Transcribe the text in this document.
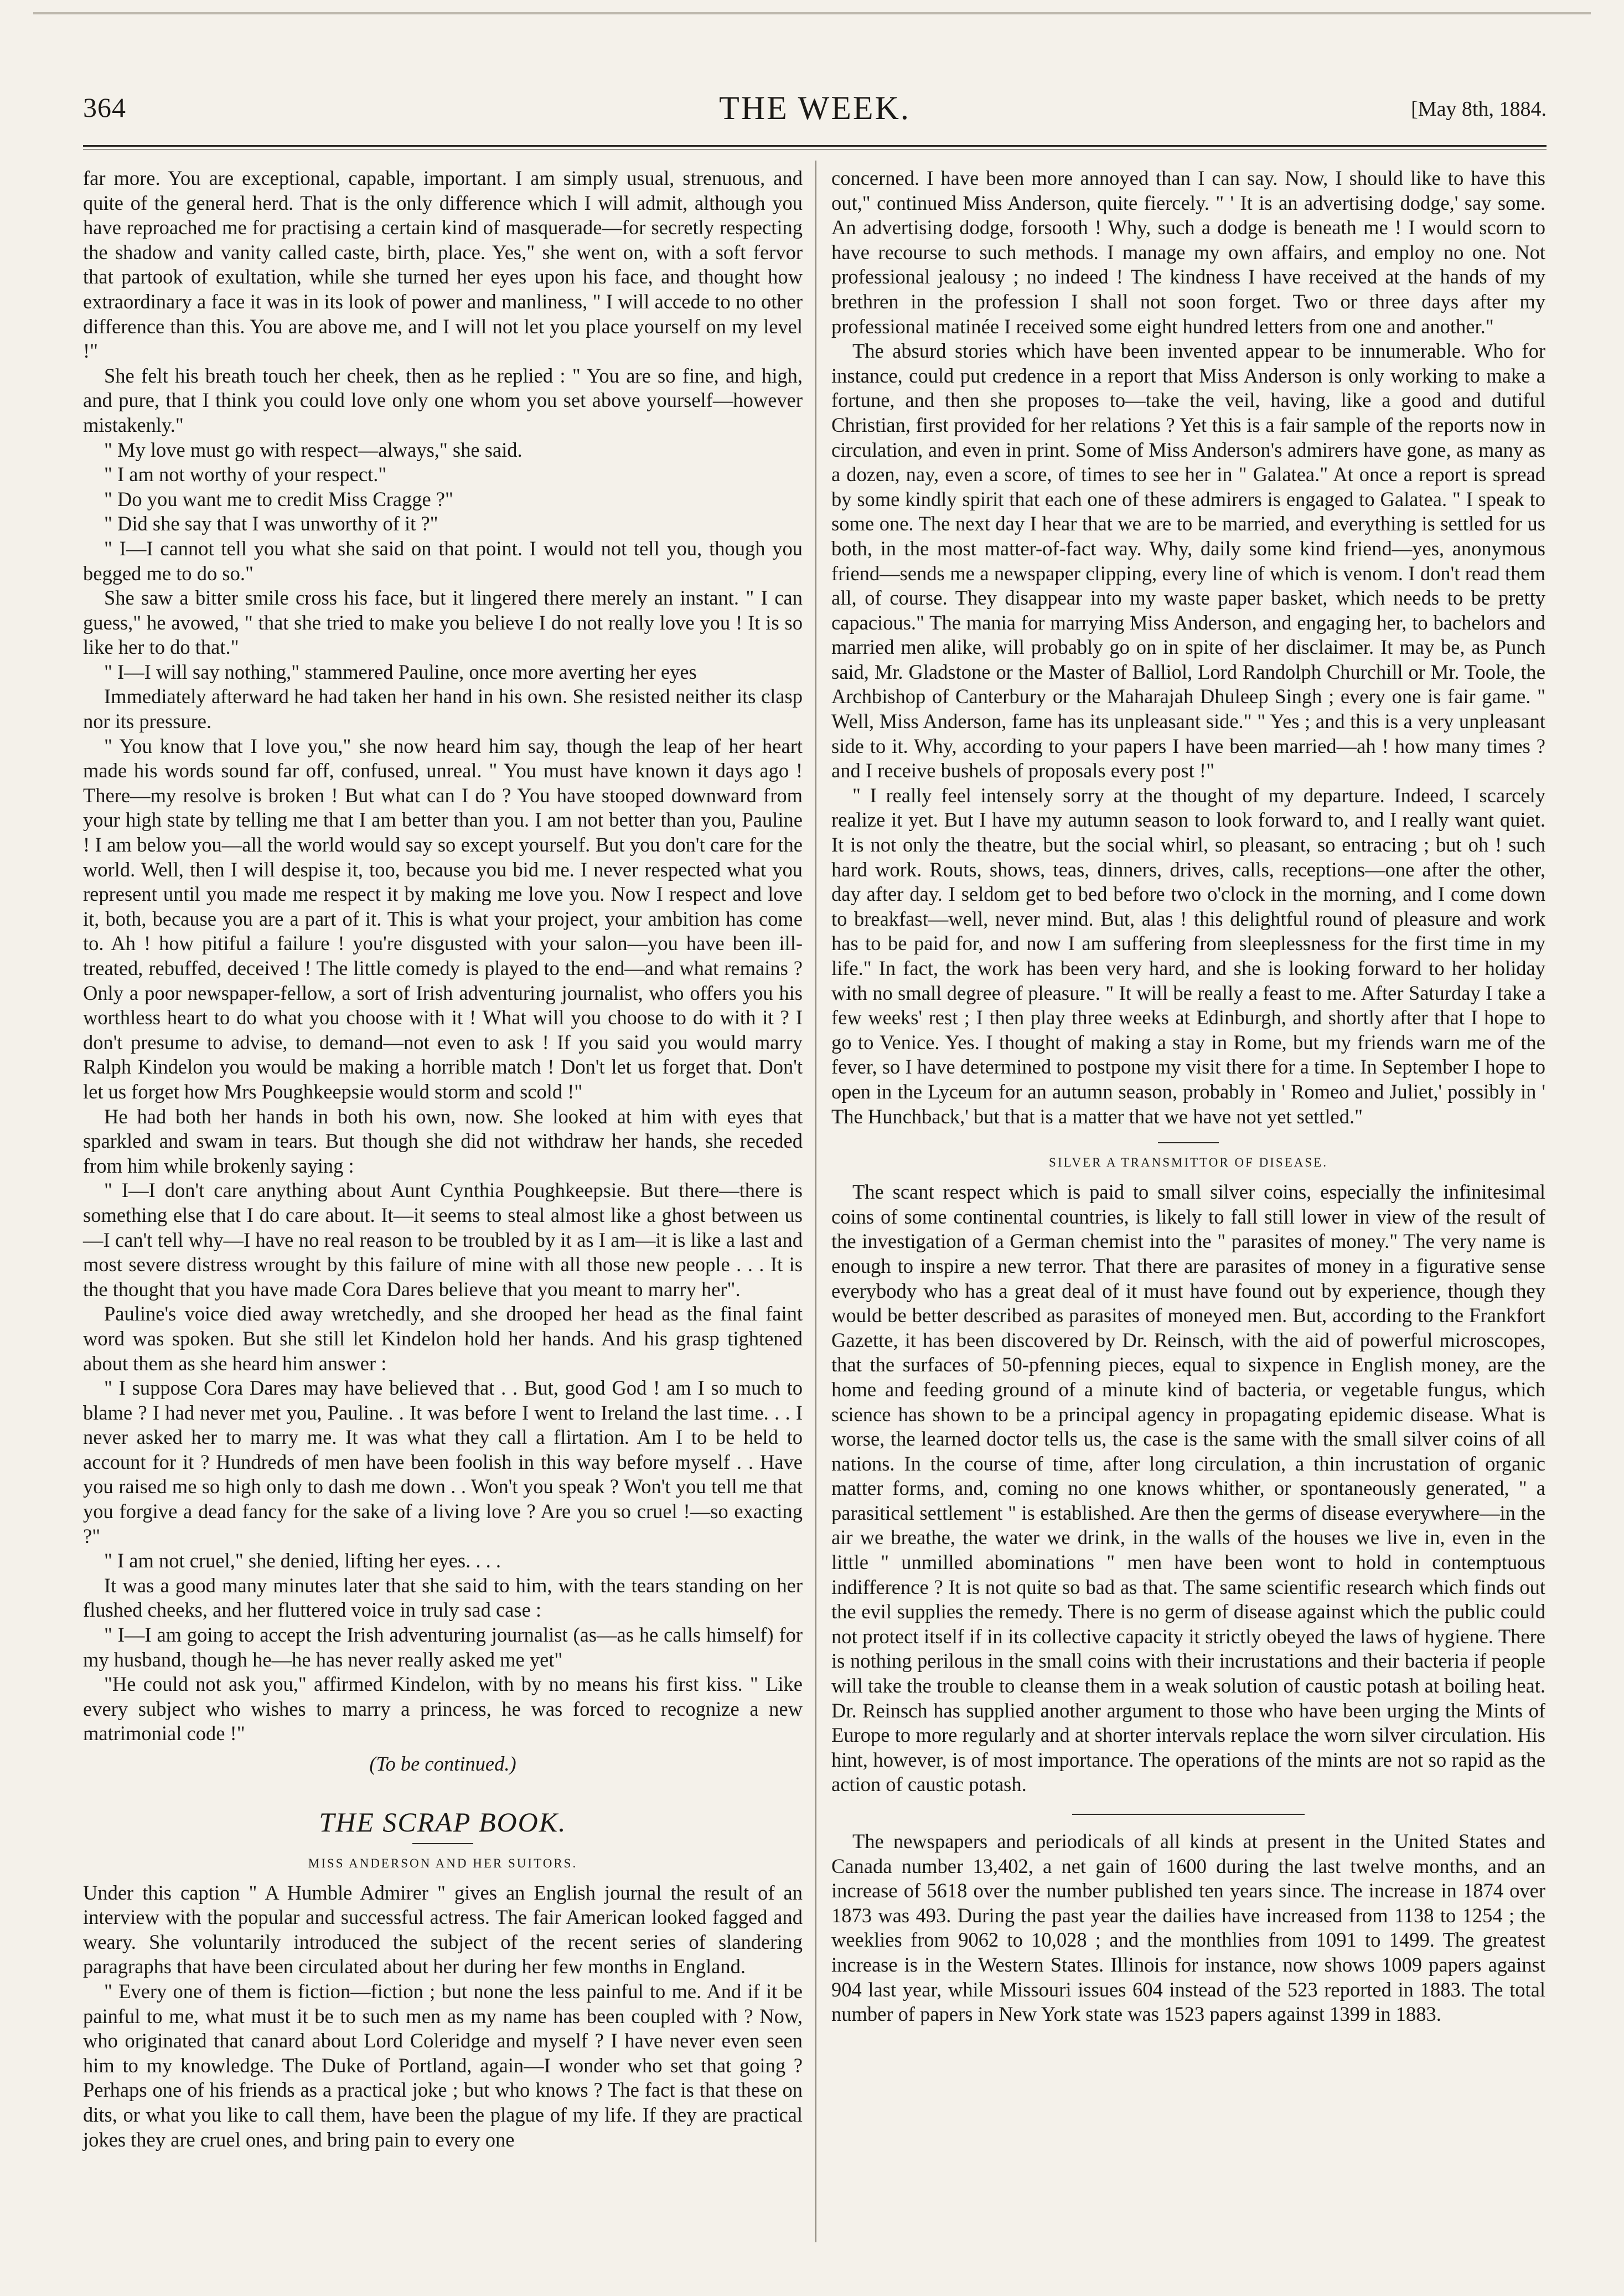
364	THE WEEK.	[May 8th, 1884.

far more. You are exceptional, capable, important. I am simply usual, strenuous, and quite of the general herd. That is the only difference which I will admit, although you have reproached me for practising a certain kind of masquerade—for secretly respecting the shadow and vanity called caste, birth, place. Yes," she went on, with a soft fervor that partook of exultation, while she turned her eyes upon his face, and thought how extraordinary a face it was in its look of power and manliness, " I will accede to no other difference than this. You are above me, and I will not let you place yourself on my level !"

She felt his breath touch her cheek, then as he replied : " You are so fine, and high, and pure, that I think you could love only one whom you set above yourself—however mistakenly."

" My love must go with respect—always," she said.

" I am not worthy of your respect."

" Do you want me to credit Miss Cragge ?"

" Did she say that I was unworthy of it ?"

" I—I cannot tell you what she said on that point. I would not tell you, though you begged me to do so."

She saw a bitter smile cross his face, but it lingered there merely an instant. " I can guess," he avowed, " that she tried to make you believe I do not really love you ! It is so like her to do that."

" I—I will say nothing," stammered Pauline, once more averting her eyes

Immediately afterward he had taken her hand in his own. She resisted neither its clasp nor its pressure.

" You know that I love you," she now heard him say, though the leap of her heart made his words sound far off, confused, unreal. " You must have known it days ago ! There—my resolve is broken ! But what can I do ? You have stooped downward from your high state by telling me that I am better than you. I am not better than you, Pauline ! I am below you—all the world would say so except yourself. But you don't care for the world. Well, then I will despise it, too, because you bid me. I never respected what you represent until you made me respect it by making me love you. Now I respect and love it, both, because you are a part of it. This is what your project, your ambition has come to. Ah ! how pitiful a failure ! you're disgusted with your salon—you have been ill-treated, rebuffed, deceived ! The little comedy is played to the end—and what remains ? Only a poor newspaper-fellow, a sort of Irish adventuring journalist, who offers you his worthless heart to do what you choose with it ! What will you choose to do with it ? I don't presume to advise, to demand—not even to ask ! If you said you would marry Ralph Kindelon you would be making a horrible match ! Don't let us forget that. Don't let us forget how Mrs Poughkeepsie would storm and scold !"

He had both her hands in both his own, now. She looked at him with eyes that sparkled and swam in tears. But though she did not withdraw her hands, she receded from him while brokenly saying :

" I—I don't care anything about Aunt Cynthia Poughkeepsie. But there—there is something else that I do care about. It—it seems to steal almost like a ghost between us—I can't tell why—I have no real reason to be troubled by it as I am—it is like a last and most severe distress wrought by this failure of mine with all those new people . . . It is the thought that you have made Cora Dares believe that you meant to marry her".

Pauline's voice died away wretchedly, and she drooped her head as the final faint word was spoken. But she still let Kindelon hold her hands. And his grasp tightened about them as she heard him answer :

" I suppose Cora Dares may have believed that . . But, good God ! am I so much to blame ? I had never met you, Pauline. . It was before I went to Ireland the last time. . . I never asked her to marry me. It was what they call a flirtation. Am I to be held to account for it ? Hundreds of men have been foolish in this way before myself . . Have you raised me so high only to dash me down . . Won't you speak ? Won't you tell me that you forgive a dead fancy for the sake of a living love ? Are you so cruel !—so exacting ?"

" I am not cruel," she denied, lifting her eyes. . . .

It was a good many minutes later that she said to him, with the tears standing on her flushed cheeks, and her fluttered voice in truly sad case :

" I—I am going to accept the Irish adventuring journalist (as—as he calls himself) for my husband, though he—he has never really asked me yet"

"He could not ask you," affirmed Kindelon, with by no means his first kiss. " Like every subject who wishes to marry a princess, he was forced to recognize a new matrimonial code !"

(To be continued.)

THE SCRAP BOOK.
MISS ANDERSON AND HER SUITORS.

Under this caption " A Humble Admirer " gives an English journal the result of an interview with the popular and successful actress. The fair American looked fagged and weary. She voluntarily introduced the subject of the recent series of slandering paragraphs that have been circulated about her during her few months in England.

" Every one of them is fiction—fiction ; but none the less painful to me. And if it be painful to me, what must it be to such men as my name has been coupled with ? Now, who originated that canard about Lord Coleridge and myself ? I have never even seen him to my knowledge. The Duke of Portland, again—I wonder who set that going ? Perhaps one of his friends as a practical joke ; but who knows ? The fact is that these on dits, or what you like to call them, have been the plague of my life. If they are practical jokes they are cruel ones, and bring pain to every one

concerned. I have been more annoyed than I can say. Now, I should like to have this out," continued Miss Anderson, quite fiercely. " ' It is an advertising dodge,' say some. An advertising dodge, forsooth ! Why, such a dodge is beneath me ! I would scorn to have recourse to such methods. I manage my own affairs, and employ no one. Not professional jealousy ; no indeed ! The kindness I have received at the hands of my brethren in the profession I shall not soon forget. Two or three days after my professional matinée I received some eight hundred letters from one and another."

The absurd stories which have been invented appear to be innumerable. Who for instance, could put credence in a report that Miss Anderson is only working to make a fortune, and then she proposes to—take the veil, having, like a good and dutiful Christian, first provided for her relations ? Yet this is a fair sample of the reports now in circulation, and even in print. Some of Miss Anderson's admirers have gone, as many as a dozen, nay, even a score, of times to see her in " Galatea." At once a report is spread by some kindly spirit that each one of these admirers is engaged to Galatea. " I speak to some one. The next day I hear that we are to be married, and everything is settled for us both, in the most matter-of-fact way. Why, daily some kind friend—yes, anonymous friend—sends me a newspaper clipping, every line of which is venom. I don't read them all, of course. They disappear into my waste paper basket, which needs to be pretty capacious." The mania for marrying Miss Anderson, and engaging her, to bachelors and married men alike, will probably go on in spite of her disclaimer. It may be, as Punch said, Mr. Gladstone or the Master of Balliol, Lord Randolph Churchill or Mr. Toole, the Archbishop of Canterbury or the Maharajah Dhuleep Singh ; every one is fair game. " Well, Miss Anderson, fame has its unpleasant side." " Yes ; and this is a very unpleasant side to it. Why, according to your papers I have been married—ah ! how many times ? and I receive bushels of proposals every post !"

" I really feel intensely sorry at the thought of my departure. Indeed, I scarcely realize it yet. But I have my autumn season to look forward to, and I really want quiet. It is not only the theatre, but the social whirl, so pleasant, so entracing ; but oh ! such hard work. Routs, shows, teas, dinners, drives, calls, receptions—one after the other, day after day. I seldom get to bed before two o'clock in the morning, and I come down to breakfast—well, never mind. But, alas ! this delightful round of pleasure and work has to be paid for, and now I am suffering from sleeplessness for the first time in my life." In fact, the work has been very hard, and she is looking forward to her holiday with no small degree of pleasure. " It will be really a feast to me. After Saturday I take a few weeks' rest ; I then play three weeks at Edinburgh, and shortly after that I hope to go to Venice. Yes. I thought of making a stay in Rome, but my friends warn me of the fever, so I have determined to postpone my visit there for a time. In September I hope to open in the Lyceum for an autumn season, probably in ' Romeo and Juliet,' possibly in ' The Hunchback,' but that is a matter that we have not yet settled."

SILVER A TRANSMITTOR OF DISEASE.

The scant respect which is paid to small silver coins, especially the infinitesimal coins of some continental countries, is likely to fall still lower in view of the result of the investigation of a German chemist into the " parasites of money." The very name is enough to inspire a new terror. That there are parasites of money in a figurative sense everybody who has a great deal of it must have found out by experience, though they would be better described as parasites of moneyed men. But, according to the Frankfort Gazette, it has been discovered by Dr. Reinsch, with the aid of powerful microscopes, that the surfaces of 50-pfenning pieces, equal to sixpence in English money, are the home and feeding ground of a minute kind of bacteria, or vegetable fungus, which science has shown to be a principal agency in propagating epidemic disease. What is worse, the learned doctor tells us, the case is the same with the small silver coins of all nations. In the course of time, after long circulation, a thin incrustation of organic matter forms, and, coming no one knows whither, or spontaneously generated, " a parasitical settlement " is established. Are then the germs of disease everywhere—in the air we breathe, the water we drink, in the walls of the houses we live in, even in the little " unmilled abominations " men have been wont to hold in contemptuous indifference ? It is not quite so bad as that. The same scientific research which finds out the evil supplies the remedy. There is no germ of disease against which the public could not protect itself if in its collective capacity it strictly obeyed the laws of hygiene. There is nothing perilous in the small coins with their incrustations and their bacteria if people will take the trouble to cleanse them in a weak solution of caustic potash at boiling heat. Dr. Reinsch has supplied another argument to those who have been urging the Mints of Europe to more regularly and at shorter intervals replace the worn silver circulation. His hint, however, is of most importance. The operations of the mints are not so rapid as the action of caustic potash.

The newspapers and periodicals of all kinds at present in the United States and Canada number 13,402, a net gain of 1600 during the last twelve months, and an increase of 5618 over the number published ten years since. The increase in 1874 over 1873 was 493. During the past year the dailies have increased from 1138 to 1254 ; the weeklies from 9062 to 10,028 ; and the monthlies from 1091 to 1499. The greatest increase is in the Western States. Illinois for instance, now shows 1009 papers against 904 last year, while Missouri issues 604 instead of the 523 reported in 1883. The total number of papers in New York state was 1523 papers against 1399 in 1883.
